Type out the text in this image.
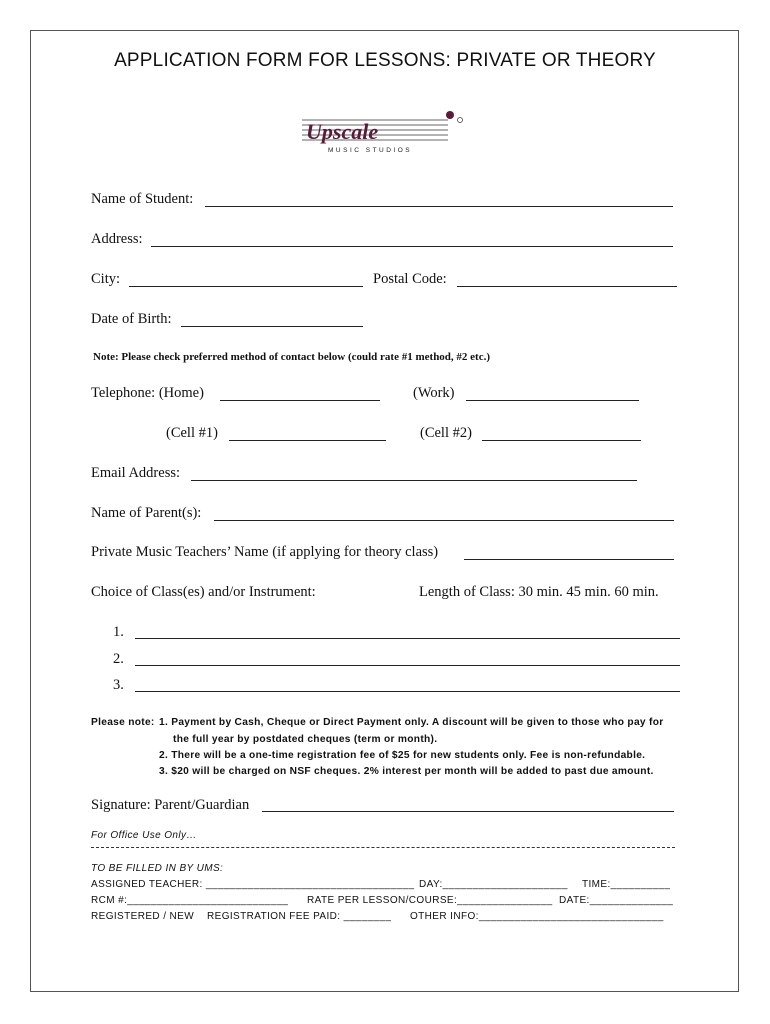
APPLICATION FORM FOR LESSONS: PRIVATE OR THEORY
Upscale
MUSIC STUDIOS
Name of Student:
Address:
City:	Postal Code:
Date of Birth:
Note: Please check preferred method of contact below (could rate #1 method, #2 etc.)
Telephone: (Home)	(Work)
(Cell #1)	(Cell #2)
Email Address:
Name of Parent(s):
Private Music Teachers’ Name (if applying for theory class)
Choice of Class(es) and/or Instrument:	Length of Class: 30 min. 45 min. 60 min.
1.
2.
3.
Please note: 1. Payment by Cash, Cheque or Direct Payment only. A discount will be given to those who pay for
the full year by postdated cheques (term or month).
2. There will be a one-time registration fee of $25 for new students only. Fee is non-refundable.
3. $20 will be charged on NSF cheques. 2% interest per month will be added to past due amount.
Signature: Parent/Guardian
For Office Use Only…
TO BE FILLED IN BY UMS:
ASSIGNED TEACHER: ___________________________________ DAY:_____________________ TIME:__________
RCM #:___________________________ RATE PER LESSON/COURSE:________________ DATE:______________
REGISTERED / NEW REGISTRATION FEE PAID: ________ OTHER INFO:_______________________________
